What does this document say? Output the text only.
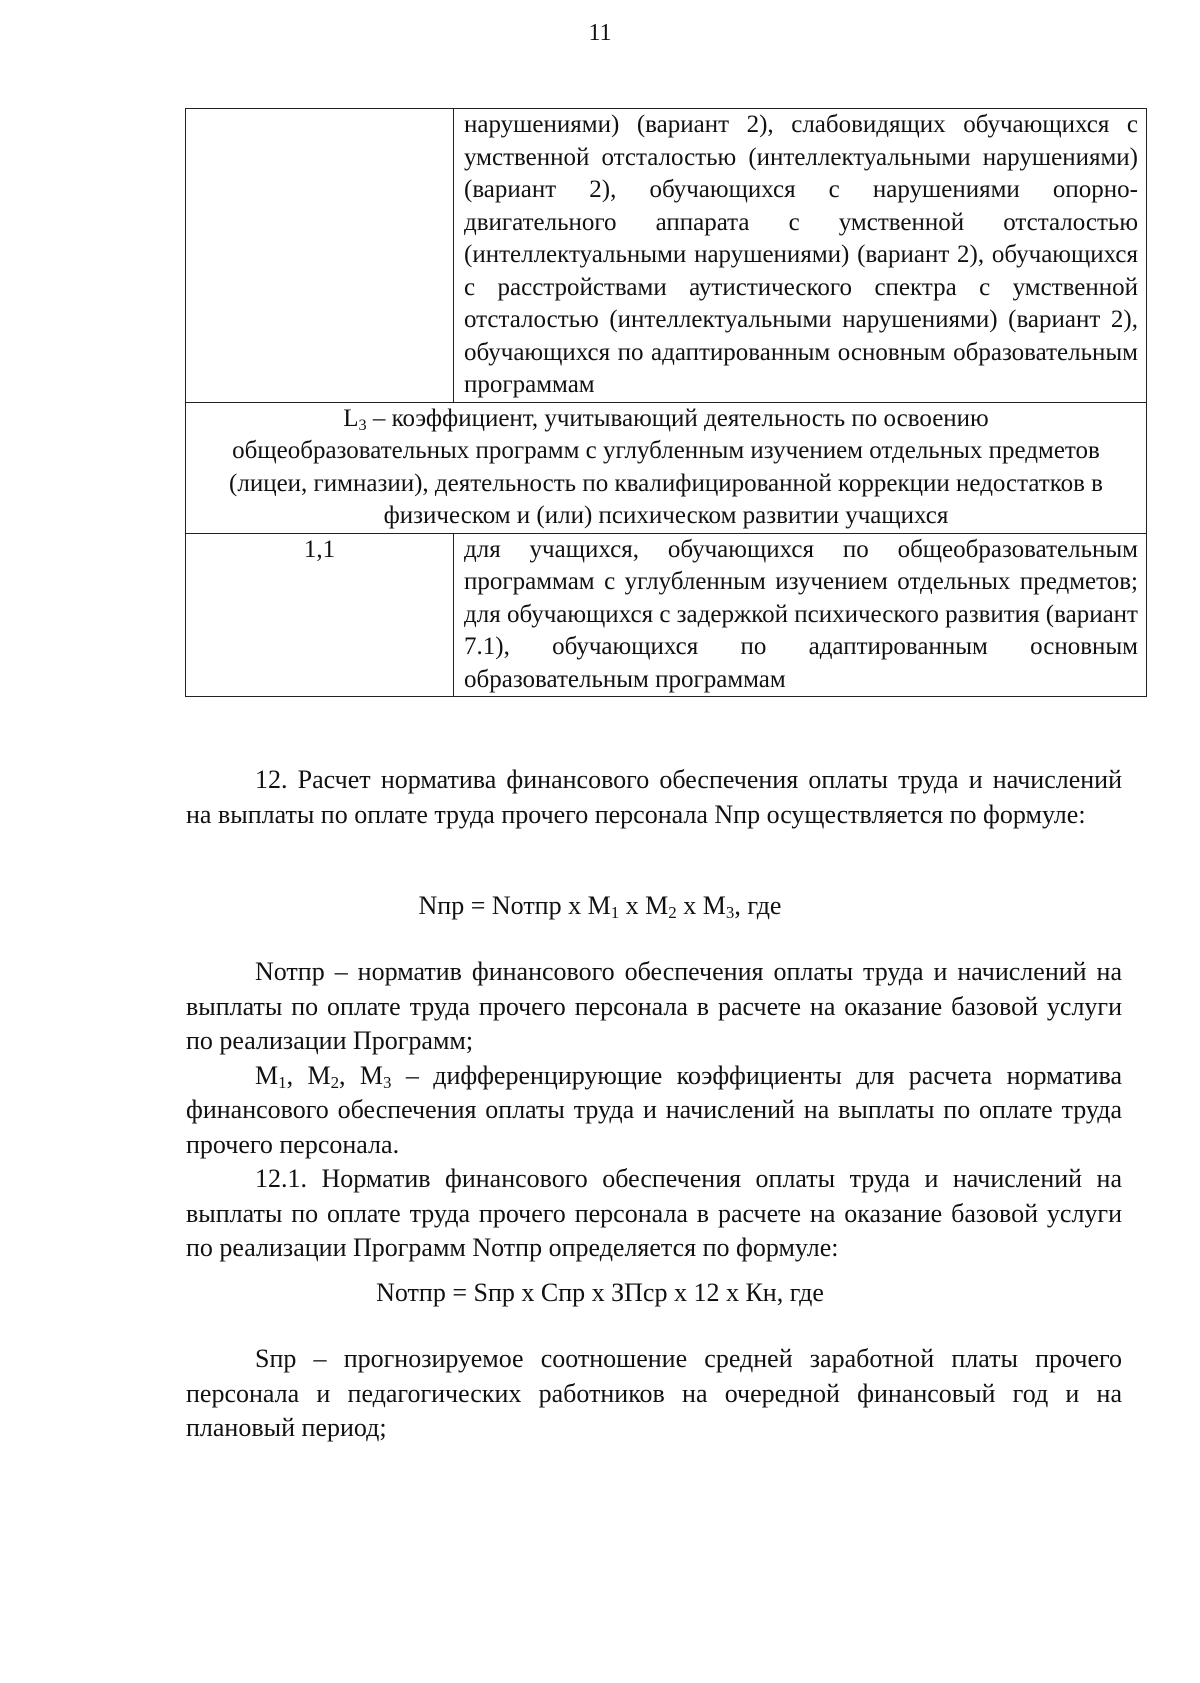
11
	нарушениями) (вариант 2), слабовидящих обучающихся с умственной отсталостью (интеллектуальными нарушениями) (вариант 2), обучающихся с нарушениями опорно-двигательного аппарата с умственной отсталостью (интеллектуальными нарушениями) (вариант 2), обучающихся с расстройствами аутистического спектра с умственной отсталостью (интеллектуальными нарушениями) (вариант 2), обучающихся по адаптированным основным образовательным программам
$L_3$ – коэффициент, учитывающий деятельность по освоению общеобразовательных программ с углубленным изучением отдельных предметов (лицеи, гимназии), деятельность по квалифицированной коррекции недостатков в физическом и (или) психическом развитии учащихся	
1,1	для учащихся, обучающихся по общеобразовательным программам с углубленным изучением отдельных предметов; для обучающихся с задержкой психического развития (вариант 7.1), обучающихся по адаптированным основным образовательным программам

12. Расчет норматива финансового обеспечения оплаты труда и начислений на выплаты по оплате труда прочего персонала Nпр осуществляется по формуле:

Nпр = Nотпр х $М_1$ х $М_2$ х $М_3$, где

Nотпр – норматив финансового обеспечения оплаты труда и начислений на выплаты по оплате труда прочего персонала в расчете на оказание базовой услуги по реализации Программ;

$М_1$, $М_2$, $М_3$ – дифференцирующие коэффициенты для расчета норматива финансового обеспечения оплаты труда и начислений на выплаты по оплате труда прочего персонала.

12.1. Норматив финансового обеспечения оплаты труда и начислений на выплаты по оплате труда прочего персонала в расчете на оказание базовой услуги по реализации Программ Nотпр определяется по формуле:

Nотпр = Sпр х Спр х ЗПср х 12 х Кн, где

Sпр – прогнозируемое соотношение средней заработной платы прочего персонала и педагогических работников на очередной финансовый год и на плановый период;
